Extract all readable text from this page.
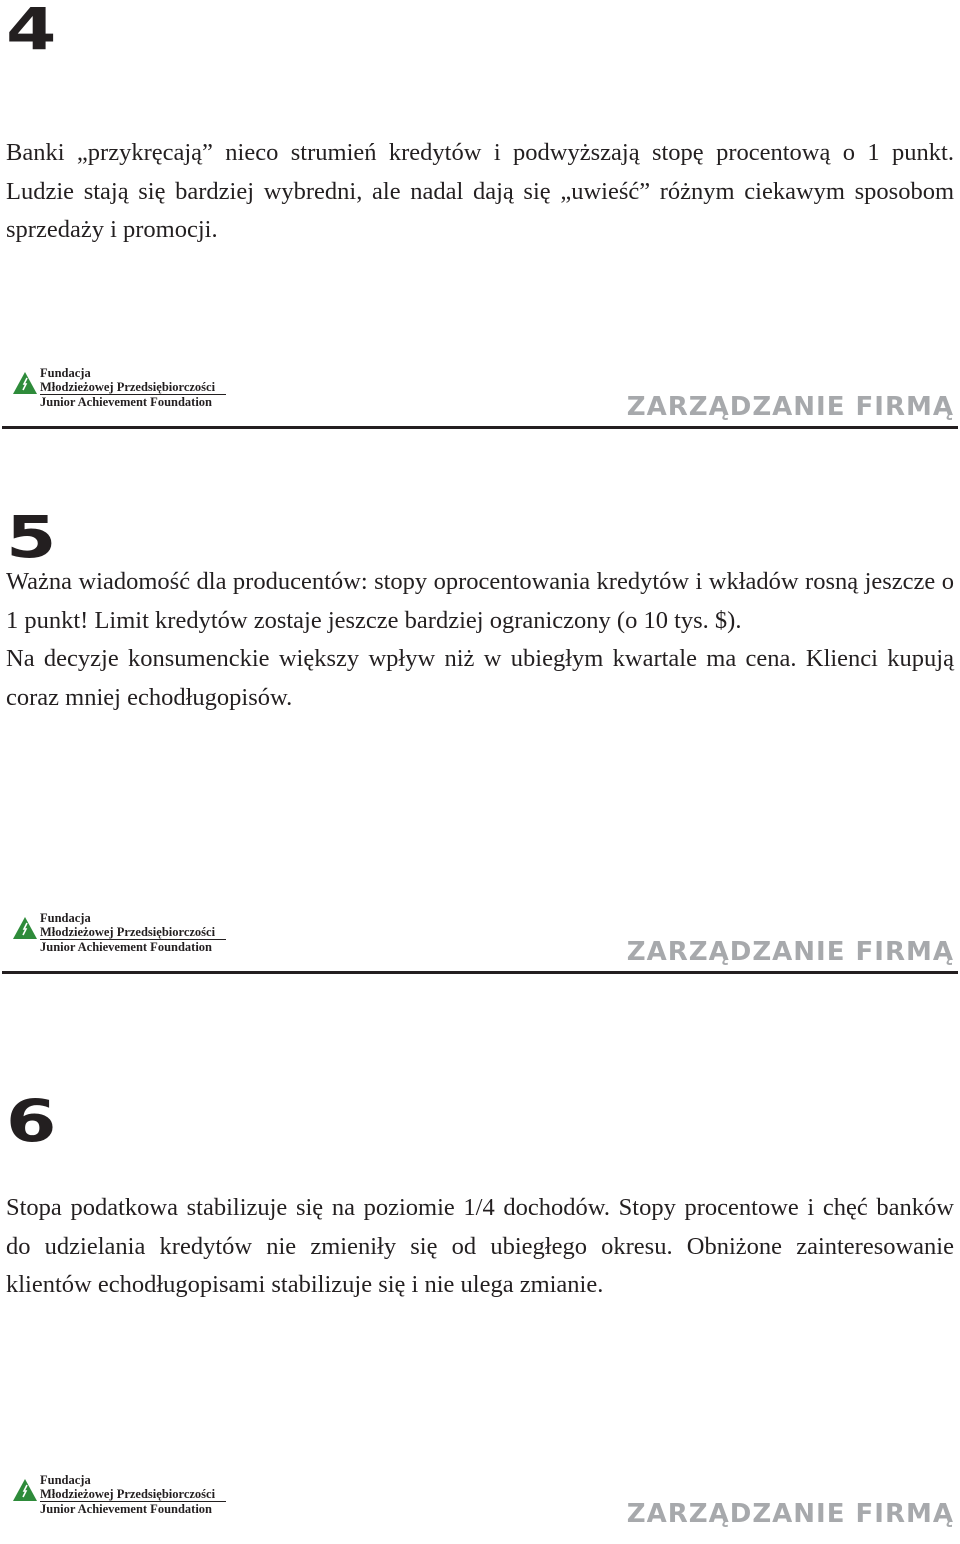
4

Banki „przykręcają” nieco strumień kredytów i podwyższają stopę procentową o 1 punkt. Ludzie stają się bardziej wybredni, ale nadal dają się „uwieść” różnym ciekawym sposobom sprzedaży i promocji.

Fundacja
Młodzieżowej Przedsiębiorczości
Junior Achievement Foundation	ZARZĄDZANIE FIRMĄ
5

Ważna wiadomość dla producentów: stopy oprocentowania kredytów i wkładów rosną jeszcze o 1 punkt! Limit kredytów zostaje jeszcze bardziej ograniczony (o 10 tys. $).

Na decyzje konsumenckie większy wpływ niż w ubiegłym kwartale ma cena. Klienci kupują coraz mniej echodługopisów.

Fundacja
Młodzieżowej Przedsiębiorczości
Junior Achievement Foundation	ZARZĄDZANIE FIRMĄ
6

Stopa podatkowa stabilizuje się na poziomie 1/4 dochodów. Stopy procentowe i chęć banków do udzielania kredytów nie zmieniły się od ubiegłego okresu. Obniżone zainteresowanie klientów echodługopisami stabilizuje się i nie ulega zmianie.

Fundacja
Młodzieżowej Przedsiębiorczości
Junior Achievement Foundation	ZARZĄDZANIE FIRMĄ
